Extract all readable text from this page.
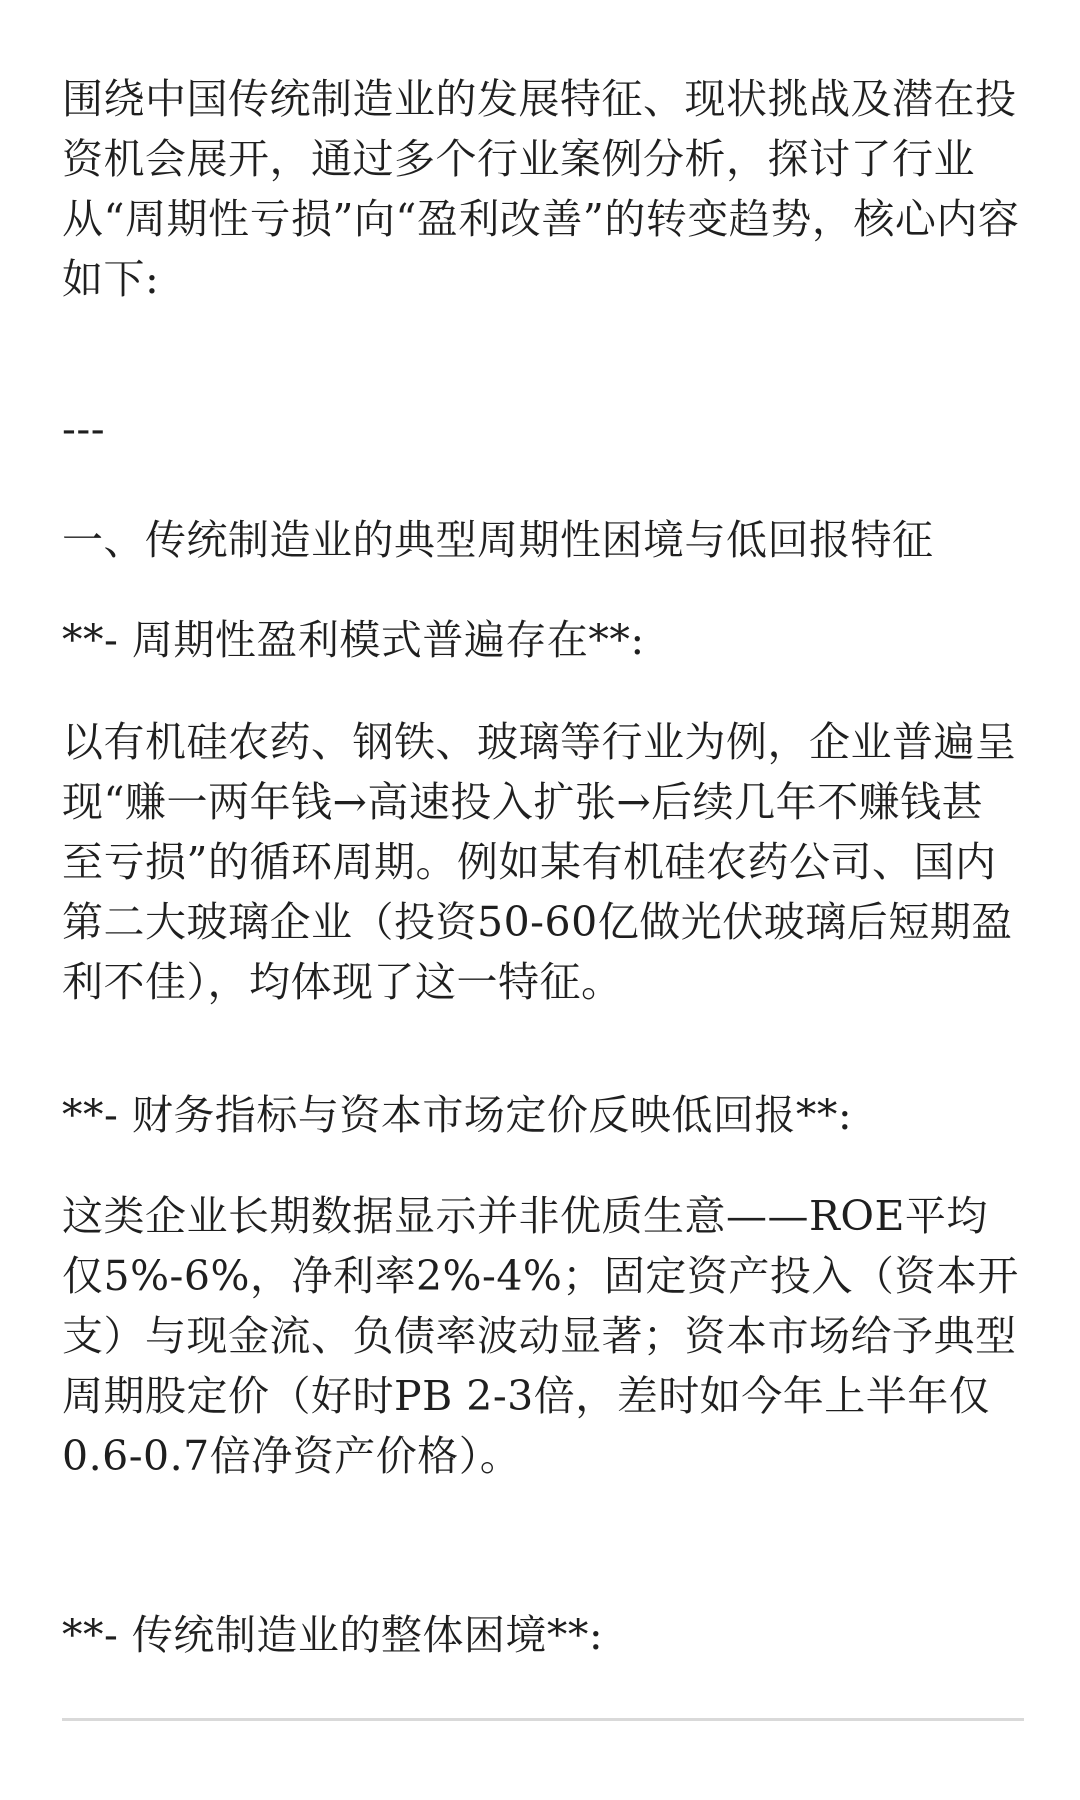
围绕中国传统制造业的发展特征、现状挑战及潜在投资机会展开，通过多个行业案例分析，探讨了行业从“周期性亏损”向“盈利改善”的转变趋势，核心内容如下:

---

一、传统制造业的典型周期性困境与低回报特征

**- 周期性盈利模式普遍存在**:

以有机硅农药、钢铁、玻璃等行业为例，企业普遍呈现“赚一两年钱→高速投入扩张→后续几年不赚钱甚至亏损”的循环周期。例如某有机硅农药公司、国内第二大玻璃企业（投资50-60亿做光伏玻璃后短期盈利不佳），均体现了这一特征。

**- 财务指标与资本市场定价反映低回报**:

这类企业长期数据显示并非优质生意——ROE平均仅5%-6%，净利率2%-4%；固定资产投入（资本开支）与现金流、负债率波动显著；资本市场给予典型周期股定价（好时PB 2-3倍，差时如今年上半年仅0.6-0.7倍净资产价格）。

**- 传统制造业的整体困境**:
